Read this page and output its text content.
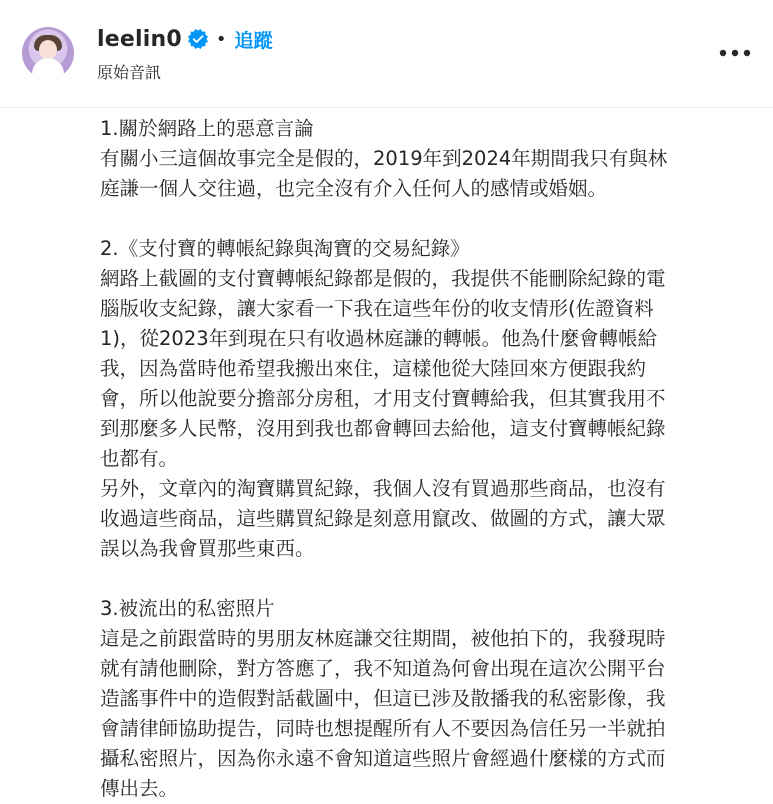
leelin0 • 追蹤
原始音訊
1.關於網路上的惡意言論
有關小三這個故事完全是假的，2019年到2024年期間我只有與林
庭謙一個人交往過，也完全沒有介入任何人的感情或婚姻。
2.《支付寶的轉帳紀錄與淘寶的交易紀錄》
網路上截圖的支付寶轉帳紀錄都是假的，我提供不能刪除紀錄的電
腦版收支紀錄，讓大家看一下我在這些年份的收支情形(佐證資料
1)，從2023年到現在只有收過林庭謙的轉帳。他為什麼會轉帳給
我，因為當時他希望我搬出來住，這樣他從大陸回來方便跟我約
會，所以他說要分擔部分房租，才用支付寶轉給我，但其實我用不
到那麼多人民幣，沒用到我也都會轉回去給他，這支付寶轉帳紀錄
也都有。
另外，文章內的淘寶購買紀錄，我個人沒有買過那些商品，也沒有
收過這些商品，這些購買紀錄是刻意用竄改、做圖的方式，讓大眾
誤以為我會買那些東西。
3.被流出的私密照片
這是之前跟當時的男朋友林庭謙交往期間，被他拍下的，我發現時
就有請他刪除，對方答應了，我不知道為何會出現在這次公開平台
造謠事件中的造假對話截圖中，但這已涉及散播我的私密影像，我
會請律師協助提告，同時也想提醒所有人不要因為信任另一半就拍
攝私密照片，因為你永遠不會知道這些照片會經過什麼樣的方式而
傳出去。
